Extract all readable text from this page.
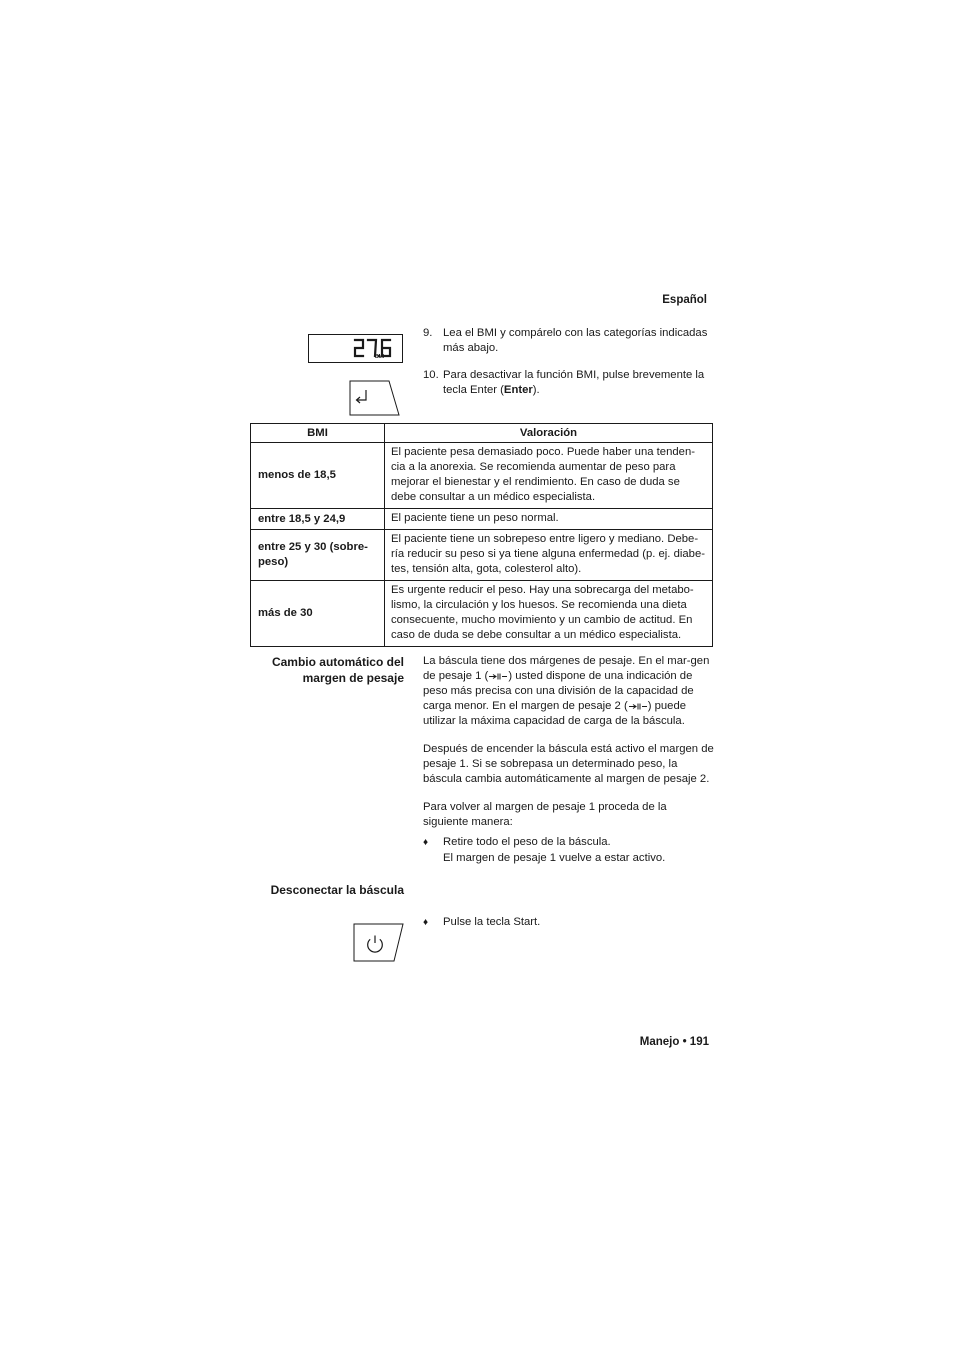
Español
BMI
9. Lea el BMI y compárelo con las categorías indicadas más abajo.
10. Para desactivar la función BMI, pulse brevemente la tecla Enter (Enter).
BMI	Valoración
menos de 18,5	El paciente pesa demasiado poco. Puede haber una tenden-cia a la anorexia. Se recomienda aumentar de peso para mejorar el bienestar y el rendimiento. En caso de duda se debe consultar a un médico especialista.
entre 18,5 y 24,9	El paciente tiene un peso normal.
entre 25 y 30 (sobre-peso)	El paciente tiene un sobrepeso entre ligero y mediano. Debe-ría reducir su peso si ya tiene alguna enfermedad (p. ej. diabe-tes, tensión alta, gota, colesterol alto).
más de 30	Es urgente reducir el peso. Hay una sobrecarga del metabo-lismo, la circulación y los huesos. Se recomienda una dieta consecuente, mucho movimiento y un cambio de actitud. En caso de duda se debe consultar a un médico especialista.
Cambio automático del
margen de pesaje

La báscula tiene dos márgenes de pesaje. En el mar-gen de pesaje 1 ( ) usted dispone de una indicación de peso más precisa con una división de la capacidad de carga menor. En el margen de pesaje 2 ( ) puede utilizar la máxima capacidad de carga de la báscula.

Después de encender la báscula está activo el margen de pesaje 1. Si se sobrepasa un determinado peso, la báscula cambia automáticamente al margen de pesaje 2.

Para volver al margen de pesaje 1 proceda de la siguiente manera:

♦ Retire todo el peso de la báscula.
El margen de pesaje 1 vuelve a estar activo.
Desconectar la báscula
♦ Pulse la tecla Start.
Manejo • 191
